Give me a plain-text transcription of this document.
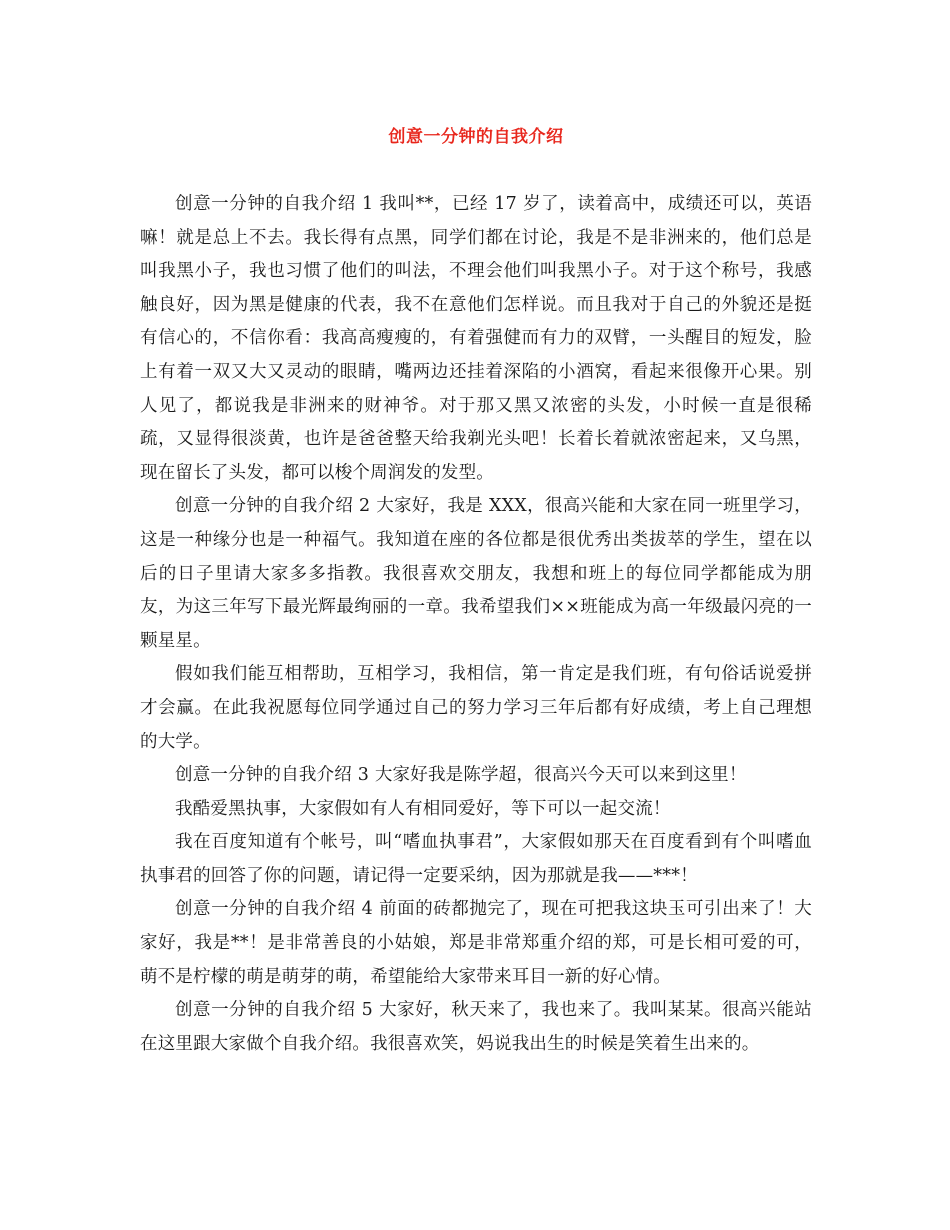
创意一分钟的自我介绍

创意一分钟的自我介绍 1 我叫**，已经 17 岁了，读着高中，成绩还可以，英语嘛！就是总上不去。我长得有点黑，同学们都在讨论，我是不是非洲来的，他们总是叫我黑小子，我也习惯了他们的叫法，不理会他们叫我黑小子。对于这个称号，我感触良好，因为黑是健康的代表，我不在意他们怎样说。而且我对于自己的外貌还是挺有信心的，不信你看：我高高瘦瘦的，有着强健而有力的双臂，一头醒目的短发，脸上有着一双又大又灵动的眼睛，嘴两边还挂着深陷的小酒窝，看起来很像开心果。别人见了，都说我是非洲来的财神爷。对于那又黑又浓密的头发，小时候一直是很稀疏，又显得很淡黄，也许是爸爸整天给我剃光头吧！长着长着就浓密起来，又乌黑，现在留长了头发，都可以梭个周润发的发型。

创意一分钟的自我介绍 2 大家好，我是 XXX，很高兴能和大家在同一班里学习，这是一种缘分也是一种福气。我知道在座的各位都是很优秀出类拔萃的学生，望在以后的日子里请大家多多指教。我很喜欢交朋友，我想和班上的每位同学都能成为朋友，为这三年写下最光辉最绚丽的一章。我希望我们××班能成为高一年级最闪亮的一颗星星。

假如我们能互相帮助，互相学习，我相信，第一肯定是我们班，有句俗话说爱拼才会赢。在此我祝愿每位同学通过自己的努力学习三年后都有好成绩，考上自己理想的大学。

创意一分钟的自我介绍 3 大家好我是陈学超，很高兴今天可以来到这里！

我酷爱黑执事，大家假如有人有相同爱好，等下可以一起交流！

我在百度知道有个帐号，叫“嗜血执事君”，大家假如那天在百度看到有个叫嗜血执事君的回答了你的问题，请记得一定要采纳，因为那就是我——***！

创意一分钟的自我介绍 4 前面的砖都抛完了，现在可把我这块玉可引出来了！大家好，我是**！是非常善良的小姑娘，郑是非常郑重介绍的郑，可是长相可爱的可，萌不是柠檬的萌是萌芽的萌，希望能给大家带来耳目一新的好心情。

创意一分钟的自我介绍 5 大家好，秋天来了，我也来了。我叫某某。很高兴能站在这里跟大家做个自我介绍。我很喜欢笑，妈说我出生的时候是笑着生出来的。
